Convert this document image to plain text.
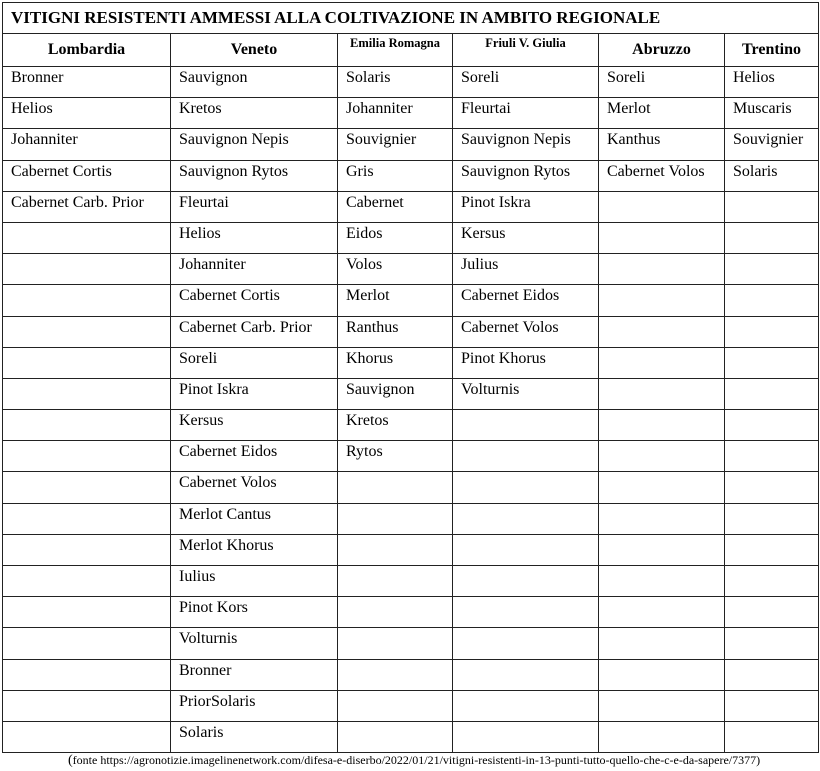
VITIGNI RESISTENTI AMMESSI ALLA COLTIVAZIONE IN AMBITO REGIONALE					
Lombardia	Veneto	Emilia Romagna	Friuli V. Giulia	Abruzzo	Trentino
Bronner	Sauvignon	Solaris	Soreli	Soreli	Helios
Helios	Kretos	Johanniter	Fleurtai	Merlot	Muscaris
Johanniter	Sauvignon Nepis	Souvignier	Sauvignon Nepis	Kanthus	Souvignier
Cabernet Cortis	Sauvignon Rytos	Gris	Sauvignon Rytos	Cabernet Volos	Solaris
Cabernet Carb. Prior	Fleurtai	Cabernet	Pinot Iskra		
	Helios	Eidos	Kersus		
	Johanniter	Volos	Julius		
	Cabernet Cortis	Merlot	Cabernet Eidos		
	Cabernet Carb. Prior	Ranthus	Cabernet Volos		
	Soreli	Khorus	Pinot Khorus		
	Pinot Iskra	Sauvignon	Volturnis		
	Kersus	Kretos			
	Cabernet Eidos	Rytos			
	Cabernet Volos				
	Merlot Cantus				
	Merlot Khorus				
	Iulius				
	Pinot Kors				
	Volturnis				
	Bronner				
	PriorSolaris				
	Solaris				
(fonte https://agronotizie.imagelinenetwork.com/difesa-e-diserbo/2022/01/21/vitigni-resistenti-in-13-punti-tutto-quello-che-c-e-da-sapere/7377)
